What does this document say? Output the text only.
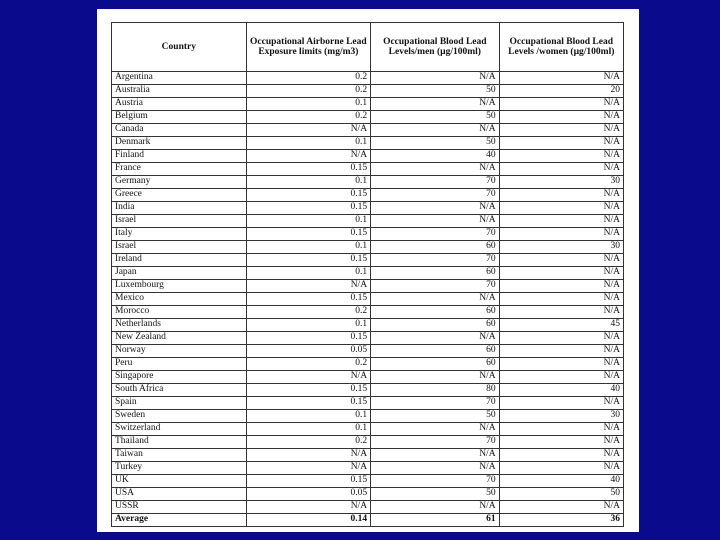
Country	Occupational Airborne Lead Exposure limits (mg/m3)	Occupational Blood Lead Levels/men (µg/100ml)	Occupational Blood Lead Levels /women (µg/100ml)
Argentina	0.2	N/A	N/A
Australia	0.2	50	20
Austria	0.1	N/A	N/A
Belgium	0.2	50	N/A
Canada	N/A	N/A	N/A
Denmark	0.1	50	N/A
Finland	N/A	40	N/A
France	0.15	N/A	N/A
Germany	0.1	70	30
Greece	0.15	70	N/A
India	0.15	N/A	N/A
Israel	0.1	N/A	N/A
Italy	0.15	70	N/A
Israel	0.1	60	30
Ireland	0.15	70	N/A
Japan	0.1	60	N/A
Luxembourg	N/A	70	N/A
Mexico	0.15	N/A	N/A
Morocco	0.2	60	N/A
Netherlands	0.1	60	45
New Zealand	0.15	N/A	N/A
Norway	0.05	60	N/A
Peru	0.2	60	N/A
Singapore	N/A	N/A	N/A
South Africa	0.15	80	40
Spain	0.15	70	N/A
Sweden	0.1	50	30
Switzerland	0.1	N/A	N/A
Thailand	0.2	70	N/A
Taiwan	N/A	N/A	N/A
Turkey	N/A	N/A	N/A
UK	0.15	70	40
USA	0.05	50	50
USSR	N/A	N/A	N/A
Average	0.14	61	36
